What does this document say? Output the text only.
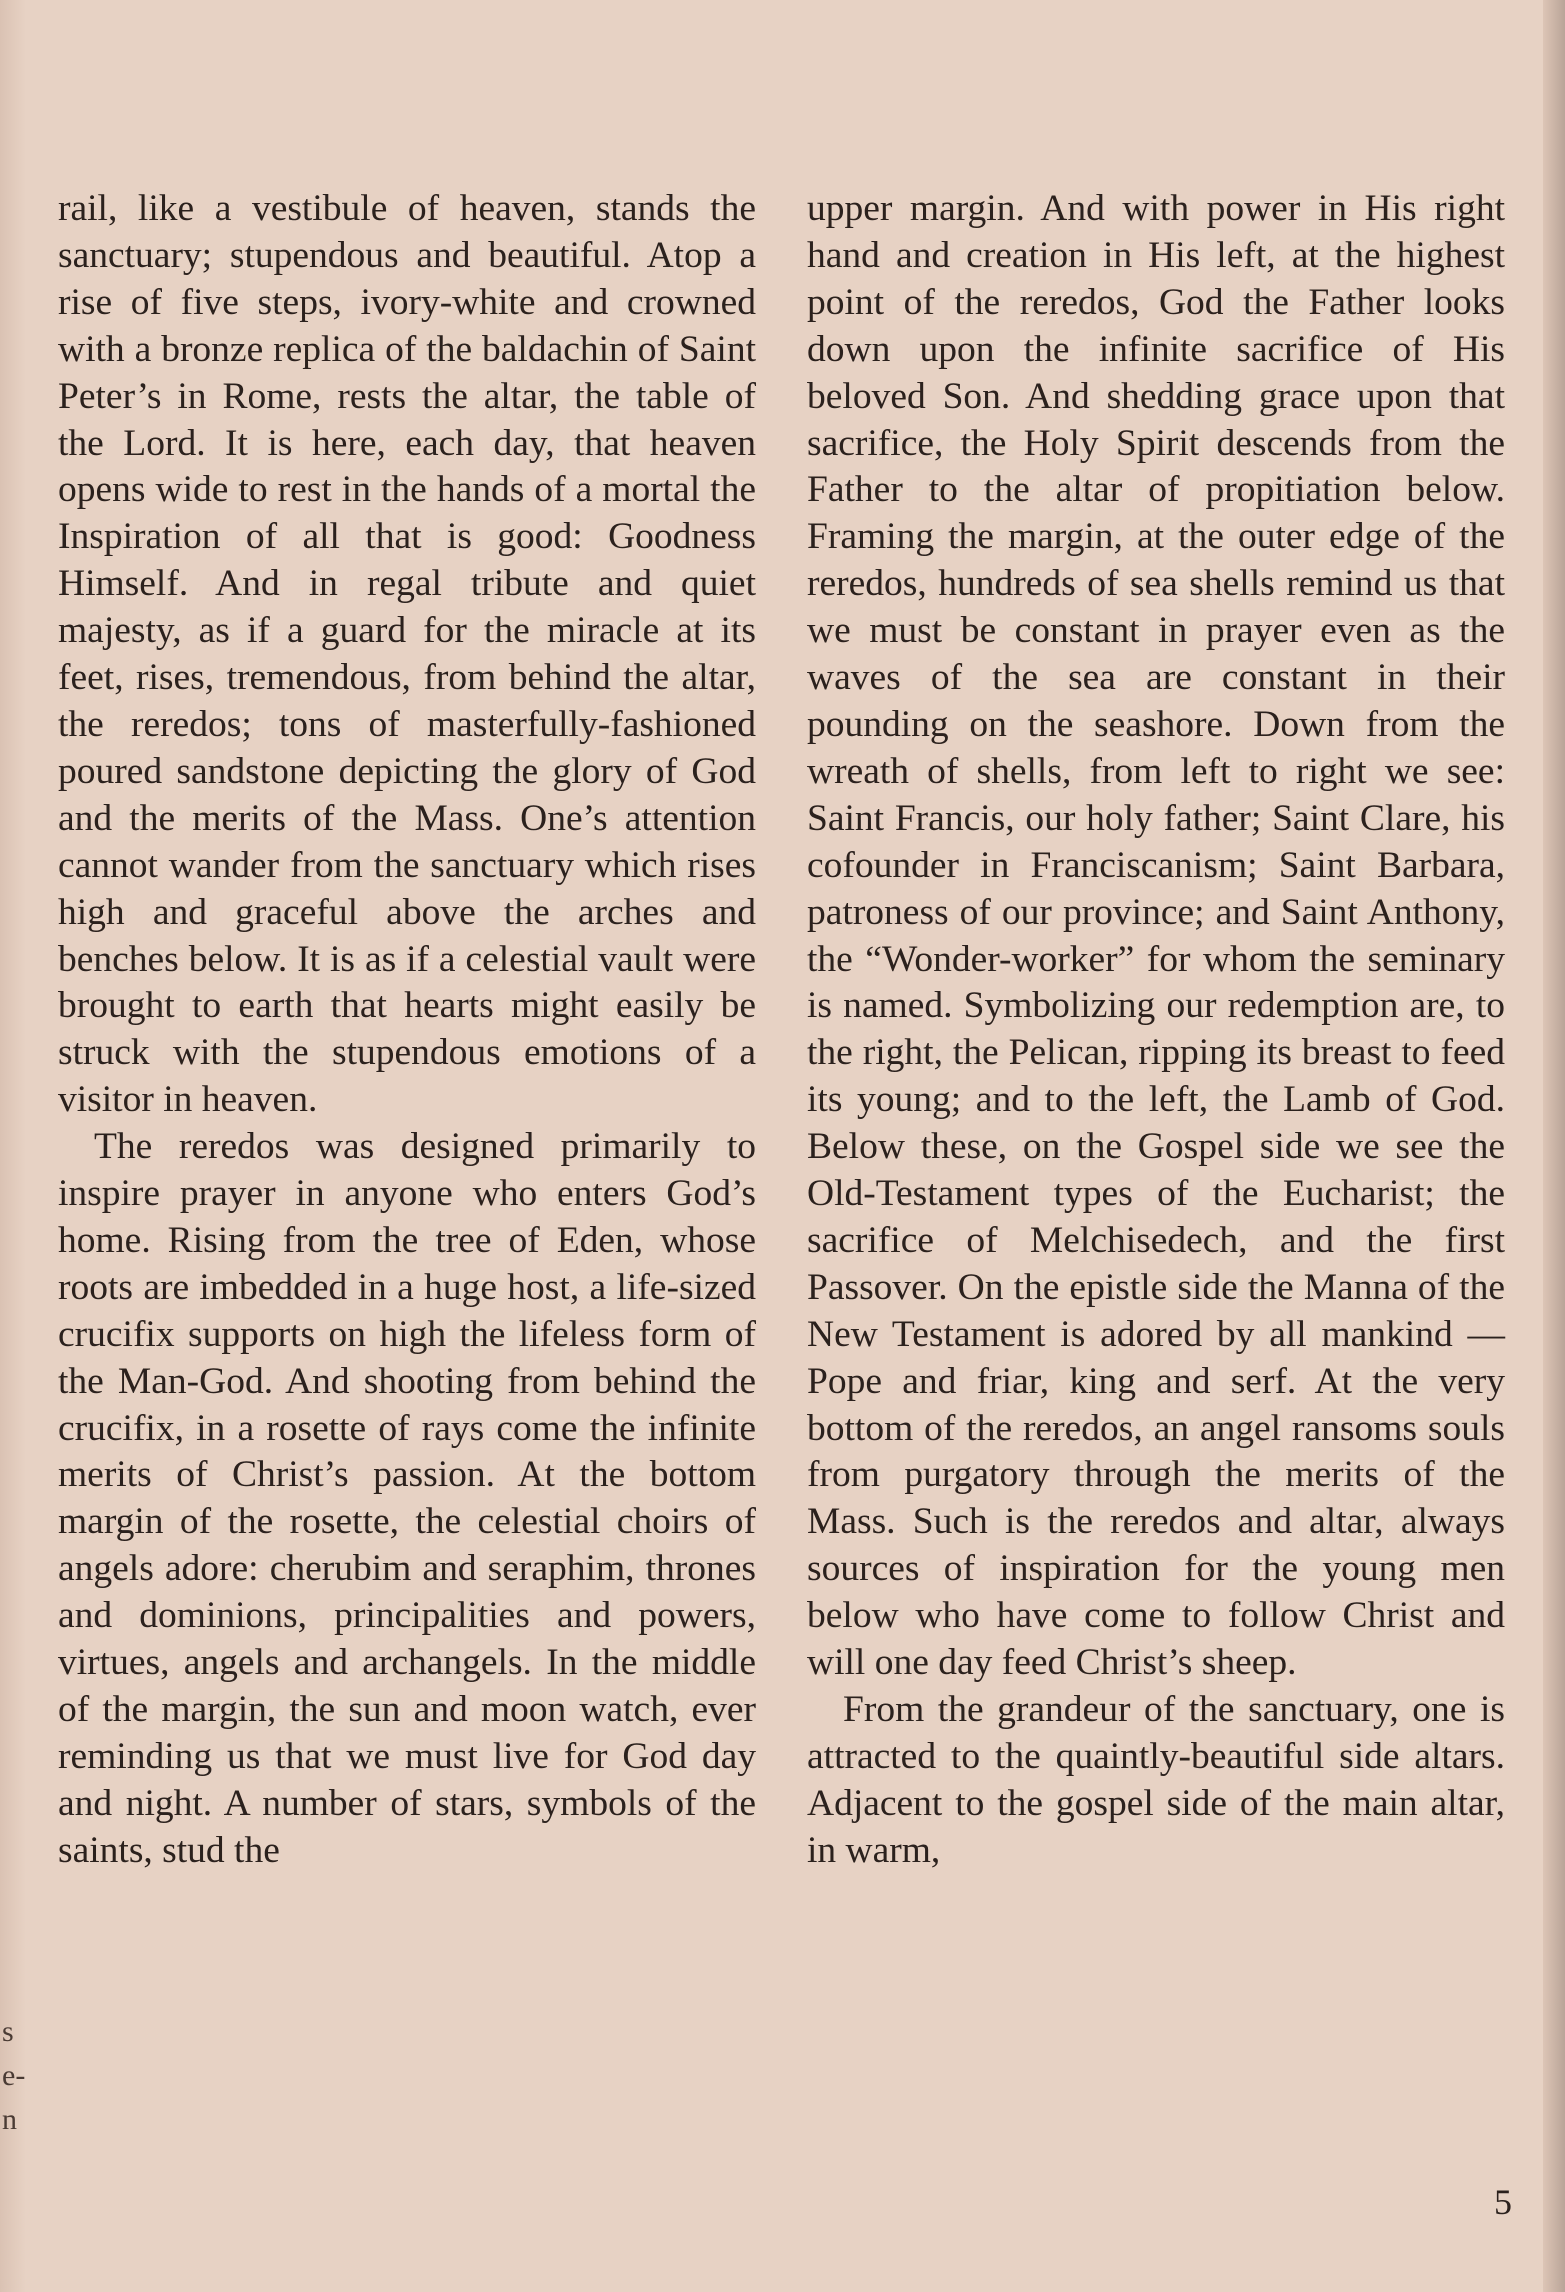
s
e-
n

rail, like a vestibule of heaven, stands the sanctuary; stupendous and beautiful. Atop a rise of five steps, ivory-white and crowned with a bronze replica of the baldachin of Saint Peter’s in Rome, rests the altar, the table of the Lord. It is here, each day, that heaven opens wide to rest in the hands of a mortal the Inspiration of all that is good: Goodness Himself. And in regal tribute and quiet majesty, as if a guard for the miracle at its feet, rises, tremendous, from behind the altar, the reredos; tons of masterfully-fashioned poured sandstone depicting the glory of God and the merits of the Mass. One’s attention cannot wander from the sanctuary which rises high and graceful above the arches and benches below. It is as if a celestial vault were brought to earth that hearts might easily be struck with the stupendous emotions of a visitor in heaven.

The reredos was designed primarily to inspire prayer in anyone who enters God’s home. Rising from the tree of Eden, whose roots are imbedded in a huge host, a life-sized crucifix supports on high the lifeless form of the Man-God. And shooting from behind the crucifix, in a rosette of rays come the infinite merits of Christ’s passion. At the bottom margin of the rosette, the celestial choirs of angels adore: cherubim and seraphim, thrones and dominions, principalities and powers, virtues, angels and archangels. In the middle of the margin, the sun and moon watch, ever reminding us that we must live for God day and night. A number of stars, symbols of the saints, stud the

upper margin. And with power in His right hand and creation in His left, at the highest point of the reredos, God the Father looks down upon the infinite sacrifice of His beloved Son. And shedding grace upon that sacrifice, the Holy Spirit descends from the Father to the altar of propitiation below. Framing the margin, at the outer edge of the reredos, hundreds of sea shells remind us that we must be constant in prayer even as the waves of the sea are constant in their pounding on the seashore. Down from the wreath of shells, from left to right we see: Saint Francis, our holy father; Saint Clare, his cofounder in Franciscanism; Saint Barbara, patroness of our province; and Saint Anthony, the “Wonder-worker” for whom the seminary is named. Symbolizing our redemption are, to the right, the Pelican, ripping its breast to feed its young; and to the left, the Lamb of God. Below these, on the Gospel side we see the Old-Testament types of the Eucharist; the sacrifice of Melchisedech, and the first Passover. On the epistle side the Manna of the New Testament is adored by all mankind — Pope and friar, king and serf. At the very bottom of the reredos, an angel ransoms souls from purgatory through the merits of the Mass. Such is the reredos and altar, always sources of inspiration for the young men below who have come to follow Christ and will one day feed Christ’s sheep.

From the grandeur of the sanctuary, one is attracted to the quaintly-beautiful side altars. Adjacent to the gospel side of the main altar, in warm,

5
